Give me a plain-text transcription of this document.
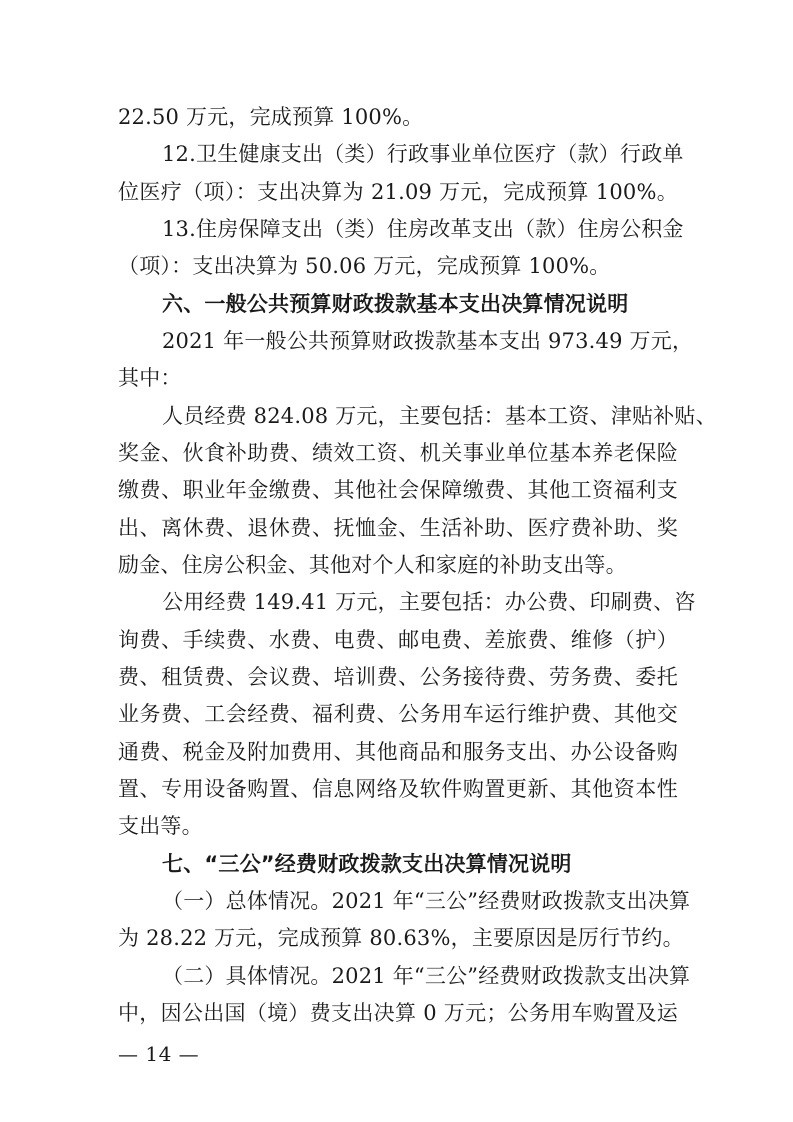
22.50 万元，完成预算 100%。
12.卫生健康支出（类）行政事业单位医疗（款）行政单
位医疗（项）：支出决算为 21.09 万元，完成预算 100%。
13.住房保障支出（类）住房改革支出（款）住房公积金
（项）：支出决算为 50.06 万元，完成预算 100%。
六、一般公共预算财政拨款基本支出决算情况说明
2021 年一般公共预算财政拨款基本支出 973.49 万元，
其中：
人员经费 824.08 万元，主要包括：基本工资、津贴补贴、
奖金、伙食补助费、绩效工资、机关事业单位基本养老保险
缴费、职业年金缴费、其他社会保障缴费、其他工资福利支
出、离休费、退休费、抚恤金、生活补助、医疗费补助、奖
励金、住房公积金、其他对个人和家庭的补助支出等。
公用经费 149.41 万元，主要包括：办公费、印刷费、咨
询费、手续费、水费、电费、邮电费、差旅费、维修（护）
费、租赁费、会议费、培训费、公务接待费、劳务费、委托
业务费、工会经费、福利费、公务用车运行维护费、其他交
通费、税金及附加费用、其他商品和服务支出、办公设备购
置、专用设备购置、信息网络及软件购置更新、其他资本性
支出等。
七、“三公”经费财政拨款支出决算情况说明
（一）总体情况。2021 年“三公”经费财政拨款支出决算
为 28.22 万元，完成预算 80.63%，主要原因是厉行节约。
（二）具体情况。2021 年“三公”经费财政拨款支出决算
中，因公出国（境）费支出决算 0 万元；公务用车购置及运
— 14 —
